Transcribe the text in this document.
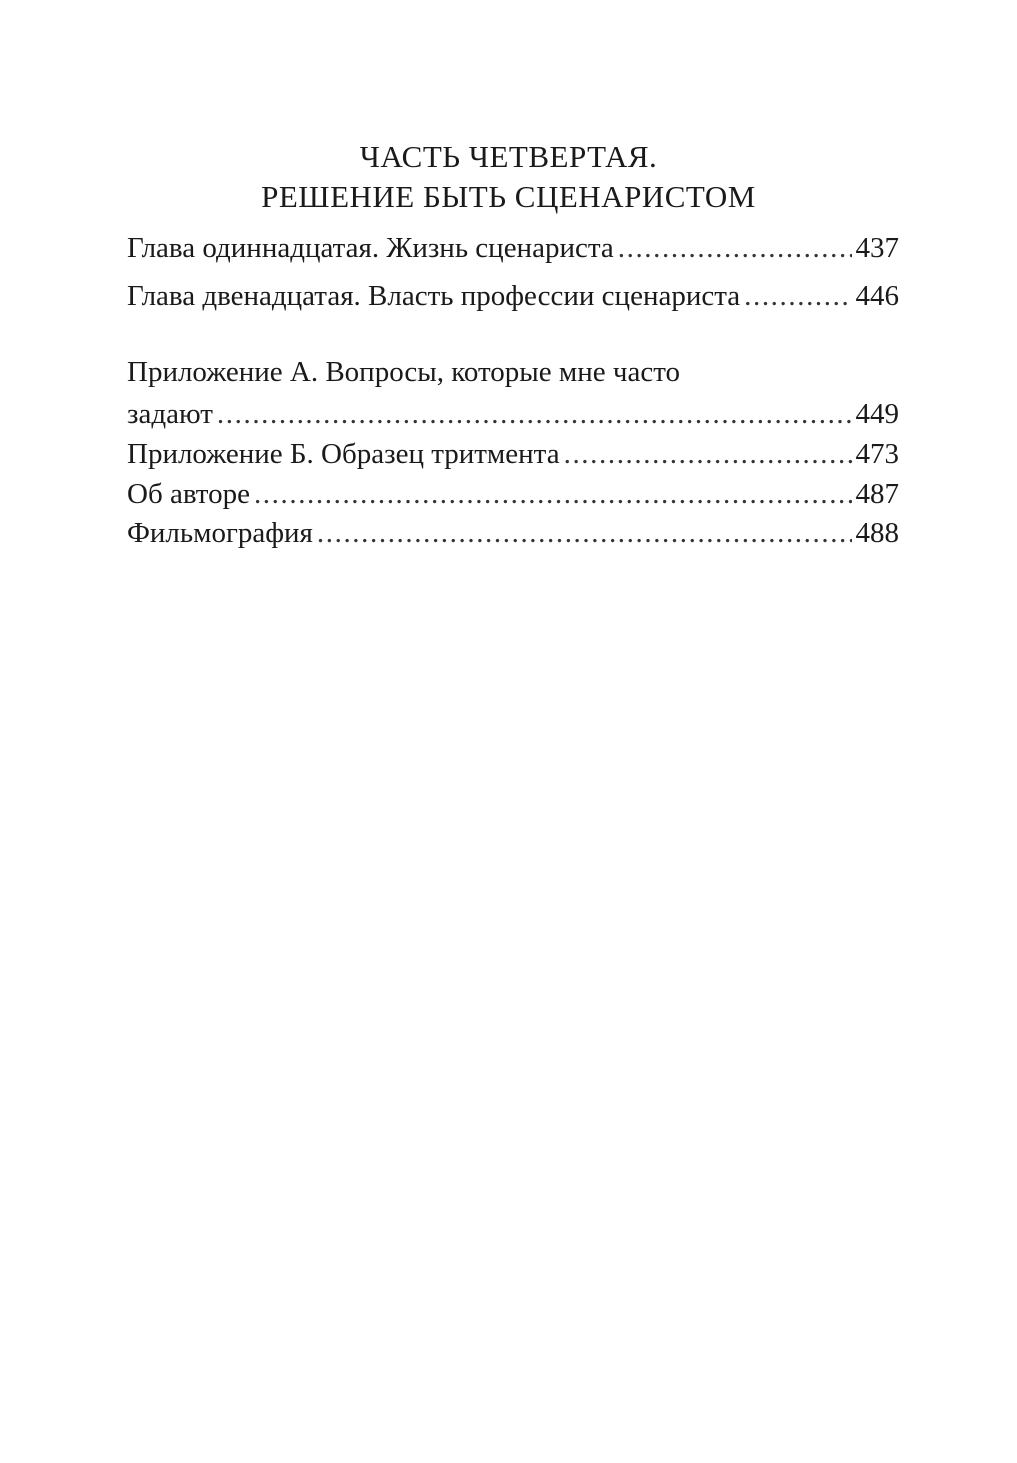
ЧАСТЬ ЧЕТВЕРТАЯ.
РЕШЕНИЕ БЫТЬ СЦЕНАРИСТОМ
Глава одиннадцатая. Жизнь сценариста .....	437
Глава двенадцатая. Власть профессии сценариста .....	446
Приложение А. Вопросы, которые мне часто
задают .....	449
Приложение Б. Образец тритмента .....	473
Об авторе .....	487
Фильмография .....	488
